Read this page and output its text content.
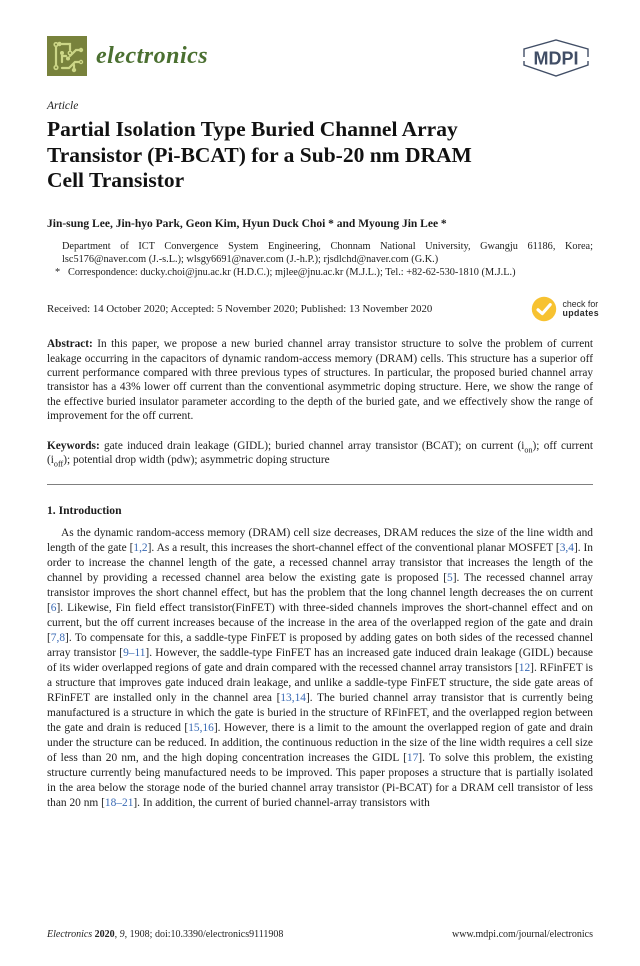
electronics	MDPI
Article
Partial Isolation Type Buried Channel Array
Transistor (Pi-BCAT) for a Sub-20 nm DRAM
Cell Transistor
Jin-sung Lee, Jin-hyo Park, Geon Kim, Hyun Duck Choi * and Myoung Jin Lee *

Department of ICT Convergence System Engineering, Chonnam National University, Gwangju 61186, Korea; lsc5176@naver.com (J.-s.L.); wlsgy6691@naver.com (J.-h.P.); rjsdlchd@naver.com (G.K.)

* Correspondence: ducky.choi@jnu.ac.kr (H.D.C.); mjlee@jnu.ac.kr (M.J.L.); Tel.: +82-62-530-1810 (M.J.L.)

Received: 14 October 2020; Accepted: 5 November 2020; Published: 13 November 2020	check for
updates

Abstract: In this paper, we propose a new buried channel array transistor structure to solve the problem of current leakage occurring in the capacitors of dynamic random-access memory (DRAM) cells. This structure has a superior off current performance compared with three previous types of structures. In particular, the proposed buried channel array transistor has a 43% lower off current than the conventional asymmetric doping structure. Here, we show the range of the effective buried insulator parameter according to the depth of the buried gate, and we effectively show the range of improvement for the off current.

Keywords: gate induced drain leakage (GIDL); buried channel array transistor (BCAT); on current $(i_{on})$; off current $(i_{off})$; potential drop width (pdw); asymmetric doping structure

1. Introduction

As the dynamic random-access memory (DRAM) cell size decreases, DRAM reduces the size of the line width and length of the gate [1,2]. As a result, this increases the short-channel effect of the conventional planar MOSFET [3,4]. In order to increase the channel length of the gate, a recessed channel array transistor that increases the length of the channel by providing a recessed channel area below the existing gate is proposed [5]. The recessed channel array transistor improves the short channel effect, but has the problem that the long channel length decreases the on current [6]. Likewise, Fin field effect transistor(FinFET) with three-sided channels improves the short-channel effect and on current, but the off current increases because of the increase in the area of the overlapped region of the gate and drain [7,8]. To compensate for this, a saddle-type FinFET is proposed by adding gates on both sides of the recessed channel array transistor [9–11]. However, the saddle-type FinFET has an increased gate induced drain leakage (GIDL) because of its wider overlapped regions of gate and drain compared with the recessed channel array transistors [12]. RFinFET is a structure that improves gate induced drain leakage, and unlike a saddle-type FinFET structure, the side gate areas of RFinFET are installed only in the channel area [13,14]. The buried channel array transistor that is currently being manufactured is a structure in which the gate is buried in the structure of RFinFET, and the overlapped region between the gate and drain is reduced [15,16]. However, there is a limit to the amount the overlapped region of gate and drain under the structure can be reduced. In addition, the continuous reduction in the size of the line width requires a cell size of less than 20 nm, and the high doping concentration increases the GIDL [17]. To solve this problem, the existing structure currently being manufactured needs to be improved. This paper proposes a structure that is partially isolated in the area below the storage node of the buried channel array transistor (Pi-BCAT) for a DRAM cell transistor of less than 20 nm [18–21]. In addition, the current of buried channel-array transistors with

Electronics 2020, 9, 1908; doi:10.3390/electronics9111908	www.mdpi.com/journal/electronics
